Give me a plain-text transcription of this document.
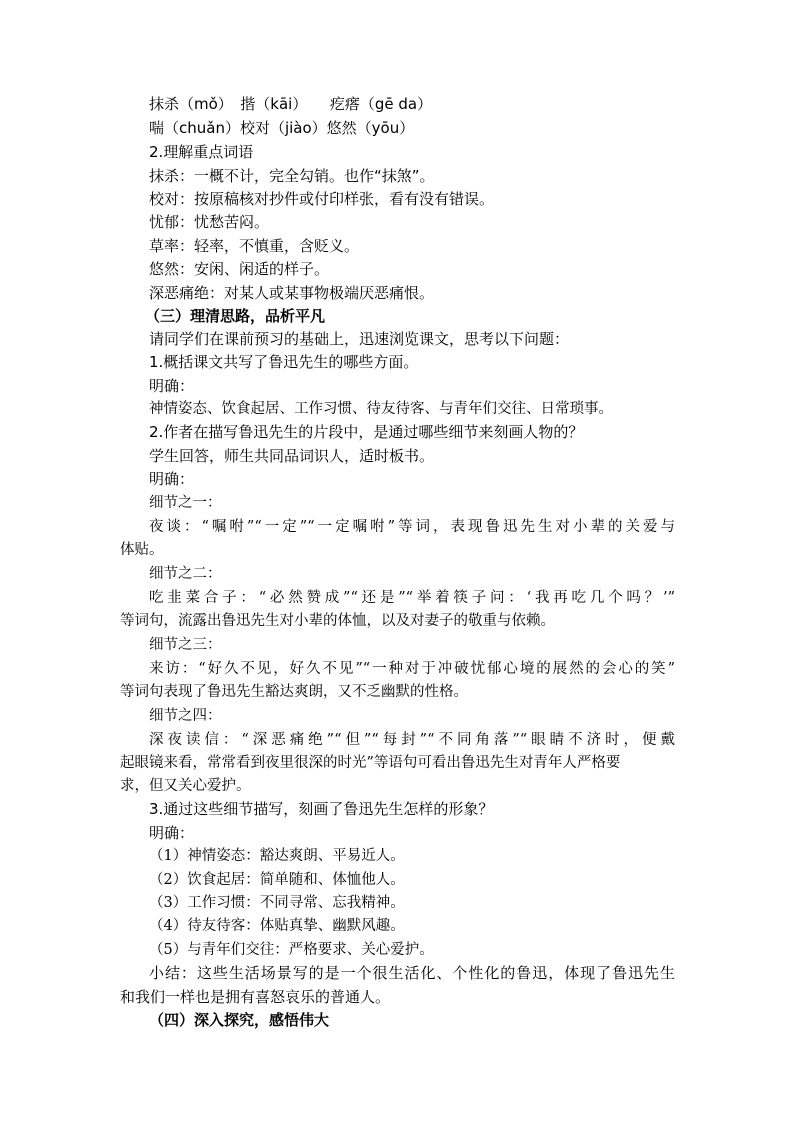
抹杀（mǒ）　揩（kāi）　　疙瘩（gē da）
喘（chuǎn）校对（jiào）悠然（yōu）
2.理解重点词语
抹杀：一概不计，完全勾销。也作“抹煞”。
校对：按原稿核对抄件或付印样张，看有没有错误。
忧郁：忧愁苦闷。
草率：轻率，不慎重，含贬义。
悠然：安闲、闲适的样子。
深恶痛绝：对某人或某事物极端厌恶痛恨。
（三）理清思路，品析平凡
请同学们在课前预习的基础上，迅速浏览课文，思考以下问题：
1.概括课文共写了鲁迅先生的哪些方面。
明确：
神情姿态、饮食起居、工作习惯、待友待客、与青年们交往、日常琐事。
2.作者在描写鲁迅先生的片段中，是通过哪些细节来刻画人物的？
学生回答，师生共同品词识人，适时板书。
明确：
细节之一：
夜谈：“嘱咐”“一定”“一定嘱咐”等词，表现鲁迅先生对小辈的关爱与
体贴。
细节之二：
吃韭菜合子：“必然赞成”“还是”“举着筷子问：‘我再吃几个吗？’”
等词句，流露出鲁迅先生对小辈的体恤，以及对妻子的敬重与依赖。
细节之三：
来访：“好久不见，好久不见”“一种对于冲破忧郁心境的展然的会心的笑”
等词句表现了鲁迅先生豁达爽朗，又不乏幽默的性格。
细节之四：
深夜读信：“深恶痛绝”“但”“每封”“不同角落”“眼睛不济时，便戴
起眼镜来看，常常看到夜里很深的时光”等语句可看出鲁迅先生对青年人严格要
求，但又关心爱护。
3.通过这些细节描写，刻画了鲁迅先生怎样的形象？
明确：
（1）神情姿态：豁达爽朗、平易近人。
（2）饮食起居：简单随和、体恤他人。
（3）工作习惯：不同寻常、忘我精神。
（4）待友待客：体贴真挚、幽默风趣。
（5）与青年们交往：严格要求、关心爱护。
小结：这些生活场景写的是一个很生活化、个性化的鲁迅，体现了鲁迅先生
和我们一样也是拥有喜怒哀乐的普通人。
（四）深入探究，感悟伟大
